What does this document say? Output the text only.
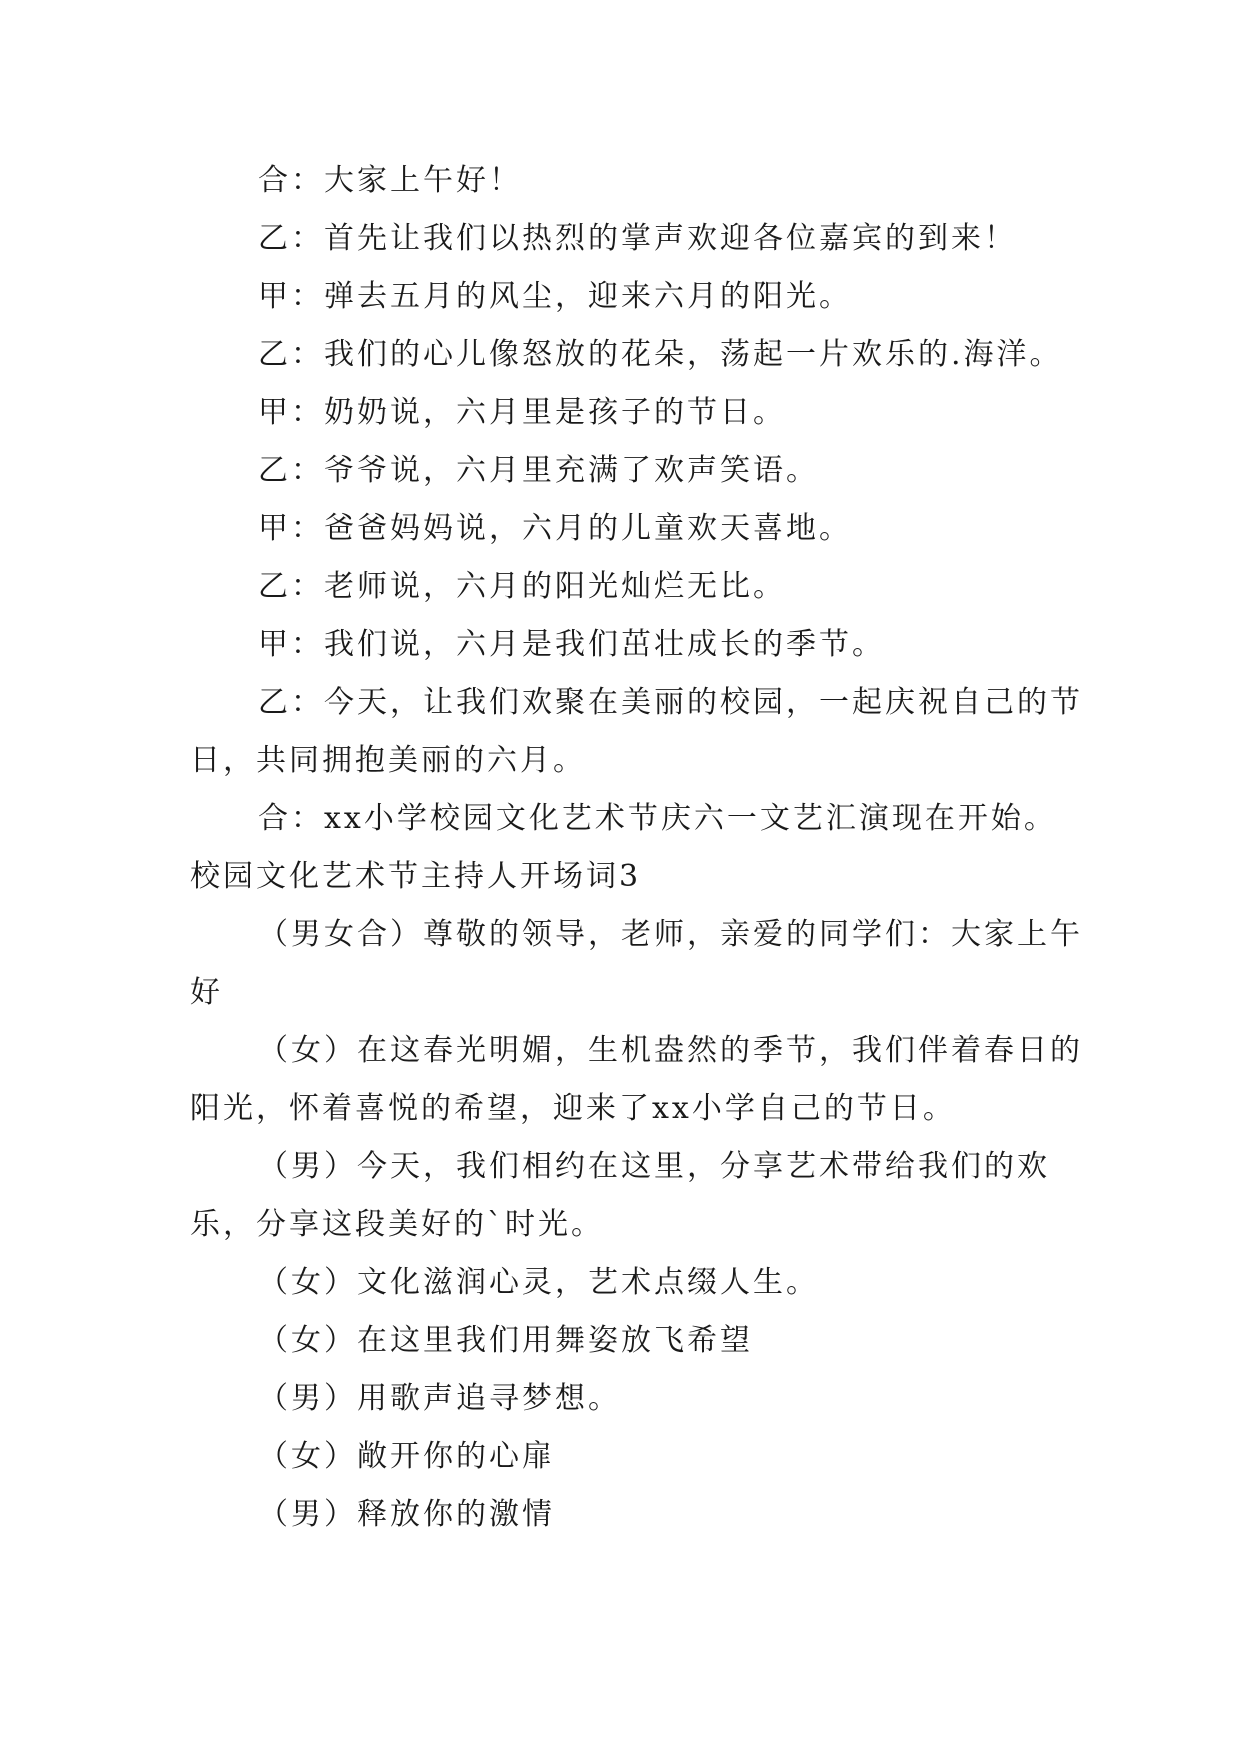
合：大家上午好！

乙：首先让我们以热烈的掌声欢迎各位嘉宾的到来！

甲：弹去五月的风尘，迎来六月的阳光。

乙：我们的心儿像怒放的花朵，荡起一片欢乐的.海洋。

甲：奶奶说，六月里是孩子的节日。

乙：爷爷说，六月里充满了欢声笑语。

甲：爸爸妈妈说，六月的儿童欢天喜地。

乙：老师说，六月的阳光灿烂无比。

甲：我们说，六月是我们茁壮成长的季节。

乙：今天，让我们欢聚在美丽的校园，一起庆祝自己的节日，共同拥抱美丽的六月。

合：xx小学校园文化艺术节庆六一文艺汇演现在开始。

校园文化艺术节主持人开场词3

（男女合）尊敬的领导，老师，亲爱的同学们：大家上午好

（女）在这春光明媚，生机盎然的季节，我们伴着春日的阳光，怀着喜悦的希望，迎来了xx小学自己的节日。

（男）今天，我们相约在这里，分享艺术带给我们的欢乐，分享这段美好的`时光。

（女）文化滋润心灵，艺术点缀人生。

（女）在这里我们用舞姿放飞希望

（男）用歌声追寻梦想。

（女）敞开你的心扉

（男）释放你的激情
